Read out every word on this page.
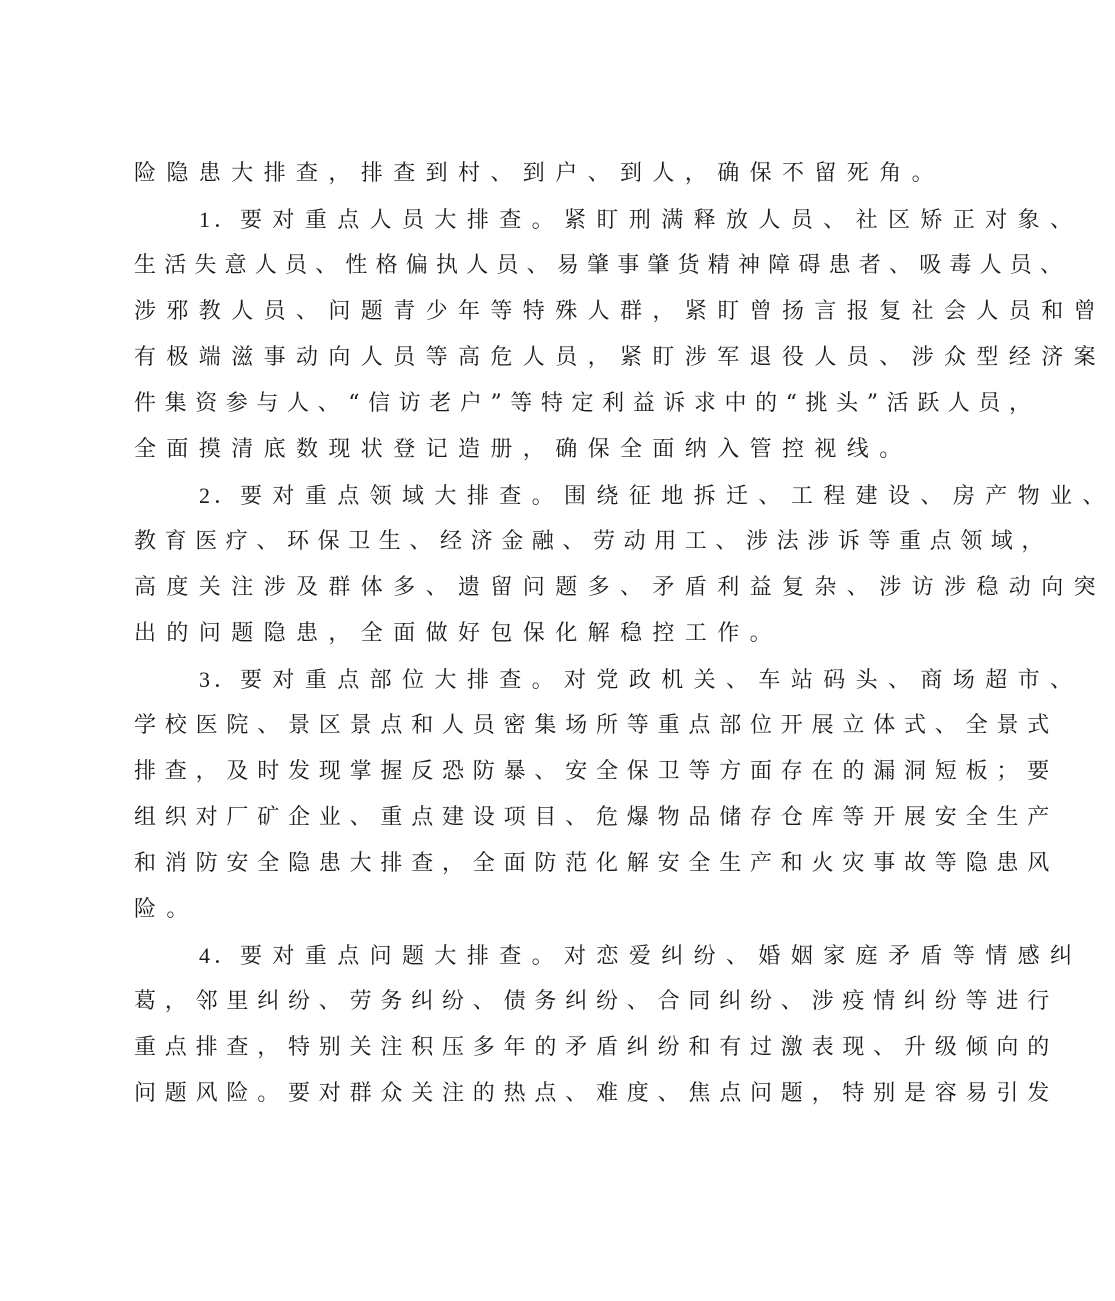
险隐患大排查，排查到村、到户、到人，确保不留死角。
1．要对重点人员大排查。紧盯刑满释放人员、社区矫正对象、
生活失意人员、性格偏执人员、易肇事肇货精神障碍患者、吸毒人员、
涉邪教人员、问题青少年等特殊人群，紧盯曾扬言报复社会人员和曾
有极端滋事动向人员等高危人员，紧盯涉军退役人员、涉众型经济案
件集资参与人、“信访老户”等特定利益诉求中的“挑头”活跃人员，
全面摸清底数现状登记造册，确保全面纳入管控视线。
2．要对重点领域大排查。围绕征地拆迁、工程建设、房产物业、
教育医疗、环保卫生、经济金融、劳动用工、涉法涉诉等重点领域，
高度关注涉及群体多、遗留问题多、矛盾利益复杂、涉访涉稳动向突
出的问题隐患，全面做好包保化解稳控工作。
3．要对重点部位大排查。对党政机关、车站码头、商场超市、
学校医院、景区景点和人员密集场所等重点部位开展立体式、全景式
排查，及时发现掌握反恐防暴、安全保卫等方面存在的漏洞短板；要
组织对厂矿企业、重点建设项目、危爆物品储存仓库等开展安全生产
和消防安全隐患大排查，全面防范化解安全生产和火灾事故等隐患风
险。
4．要对重点问题大排查。对恋爱纠纷、婚姻家庭矛盾等情感纠
葛，邻里纠纷、劳务纠纷、债务纠纷、合同纠纷、涉疫情纠纷等进行
重点排查，特别关注积压多年的矛盾纠纷和有过激表现、升级倾向的
问题风险。要对群众关注的热点、难度、焦点问题，特别是容易引发
